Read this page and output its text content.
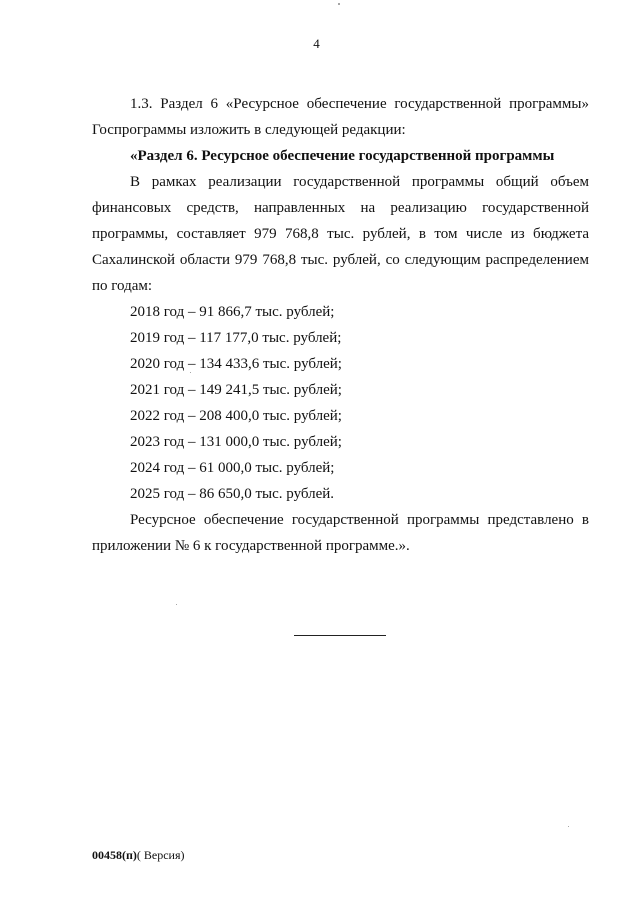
4

1.3. Раздел 6 «Ресурсное обеспечение государственной программы» Госпрограммы изложить в следующей редакции:

«Раздел 6. Ресурсное обеспечение государственной программы

В рамках реализации государственной программы общий объем финансовых средств, направленных на реализацию государственной программы, составляет 979 768,8 тыс. рублей, в том числе из бюджета Сахалинской области 979 768,8 тыс. рублей, со следующим распределением по годам:

2018 год – 91 866,7 тыс. рублей;
2019 год – 117 177,0 тыс. рублей;
2020 год – 134 433,6 тыс. рублей;
2021 год – 149 241,5 тыс. рублей;
2022 год – 208 400,0 тыс. рублей;
2023 год – 131 000,0 тыс. рублей;
2024 год – 61 000,0 тыс. рублей;
2025 год – 86 650,0 тыс. рублей.

Ресурсное обеспечение государственной программы представлено в приложении № 6 к государственной программе.».

00458(п)( Версия)
